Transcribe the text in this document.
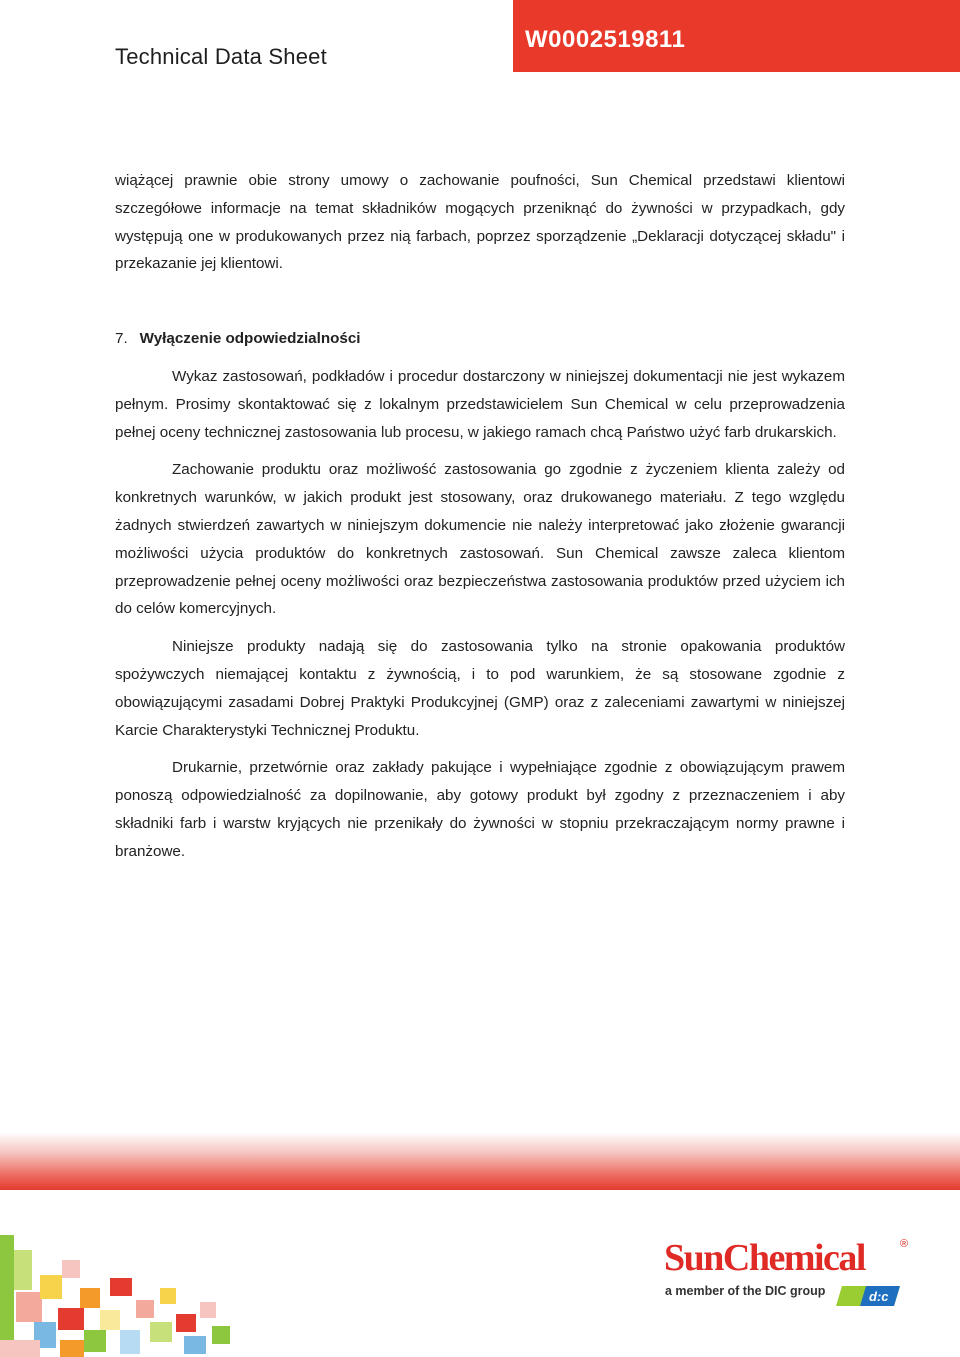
Technical Data Sheet
W0002519811

wiążącej prawnie obie strony umowy o zachowanie poufności, Sun Chemical przedstawi klientowi szczegółowe informacje na temat składników mogących przeniknąć do żywności w przypadkach, gdy występują one w produkowanych przez nią farbach, poprzez sporządzenie „Deklaracji dotyczącej składu" i przekazanie jej klientowi.

7. Wyłączenie odpowiedzialności

Wykaz zastosowań, podkładów i procedur dostarczony w niniejszej dokumentacji nie jest wykazem pełnym. Prosimy skontaktować się z lokalnym przedstawicielem Sun Chemical w celu przeprowadzenia pełnej oceny technicznej zastosowania lub procesu, w jakiego ramach chcą Państwo użyć farb drukarskich.

Zachowanie produktu oraz możliwość zastosowania go zgodnie z życzeniem klienta zależy od konkretnych warunków, w jakich produkt jest stosowany, oraz drukowanego materiału. Z tego względu żadnych stwierdzeń zawartych w niniejszym dokumencie nie należy interpretować jako złożenie gwarancji możliwości użycia produktów do konkretnych zastosowań. Sun Chemical zawsze zaleca klientom przeprowadzenie pełnej oceny możliwości oraz bezpieczeństwa zastosowania produktów przed użyciem ich do celów komercyjnych.

Niniejsze produkty nadają się do zastosowania tylko na stronie opakowania produktów spożywczych niemającej kontaktu z żywnością, i to pod warunkiem, że są stosowane zgodnie z obowiązującymi zasadami Dobrej Praktyki Produkcyjnej (GMP) oraz z zaleceniami zawartymi w niniejszej Karcie Charakterystyki Technicznej Produktu.

Drukarnie, przetwórnie oraz zakłady pakujące i wypełniające zgodnie z obowiązującym prawem ponoszą odpowiedzialność za dopilnowanie, aby gotowy produkt był zgodny z przeznaczeniem i aby składniki farb i warstw kryjących nie przenikały do żywności w stopniu przekraczającym normy prawne i branżowe.

SunChemical	®
a member of the DIC group	d:c
